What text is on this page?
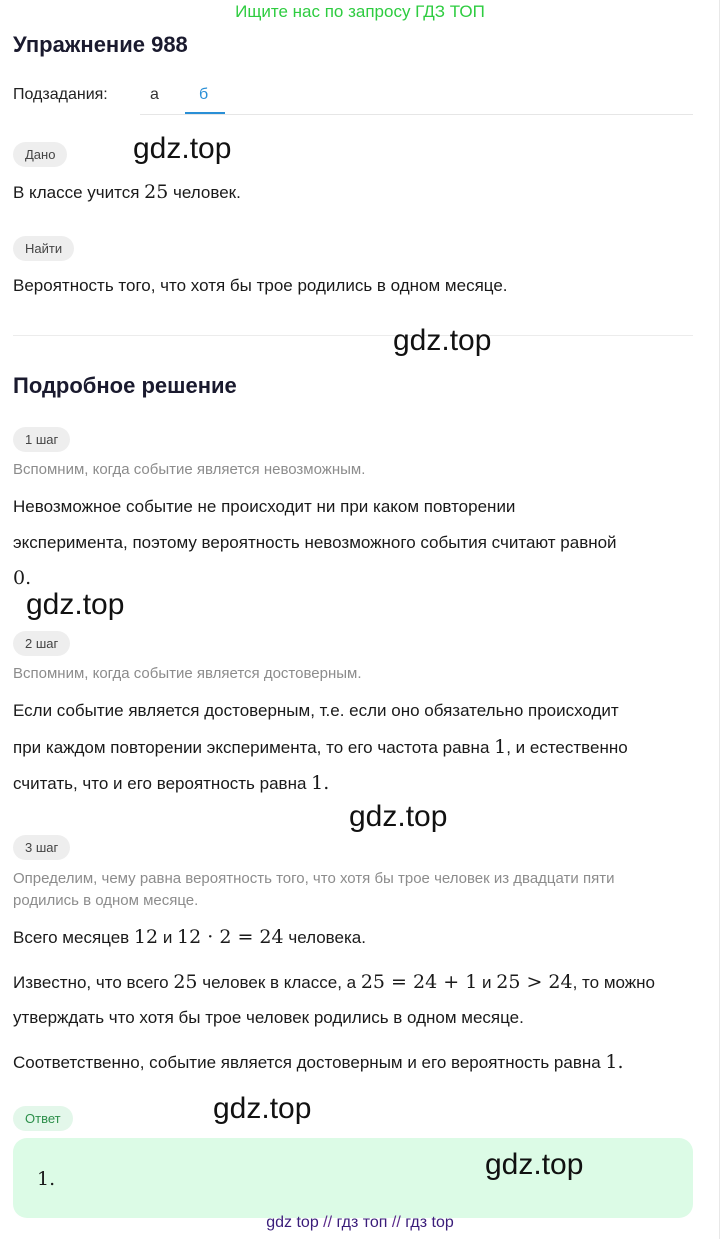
Ищите нас по запросу ГДЗ ТОП
Упражнение 988
Подзадания:	а	б
Дано	gdz.top
В классе учится 25 человек.
Найти
Вероятность того, что хотя бы трое родились в одном месяце.
gdz.top
Подробное решение
1 шаг
Вспомним, когда событие является невозможным.
Невозможное событие не происходит ни при каком повторении
эксперимента, поэтому вероятность невозможного события считают равной
0.
gdz.top
2 шаг
Вспомним, когда событие является достоверным.
Если событие является достоверным, т.е. если оно обязательно происходит
при каждом повторении эксперимента, то его частота равна 1, и естественно
считать, что и его вероятность равна 1.
gdz.top
3 шаг
Определим, чему равна вероятность того, что хотя бы трое человек из двадцати пяти
родились в одном месяце.
Всего месяцев 12 и 12 · 2 = 24 человека.
Известно, что всего 25 человек в классе, а 25 = 24 + 1 и 25 > 24, то можно
утверждать что хотя бы трое человек родились в одном месяце.
Соответственно, событие является достоверным и его вероятность равна 1.
Ответ	gdz.top
1.	gdz.top
gdz top // гдз топ // гдз top
